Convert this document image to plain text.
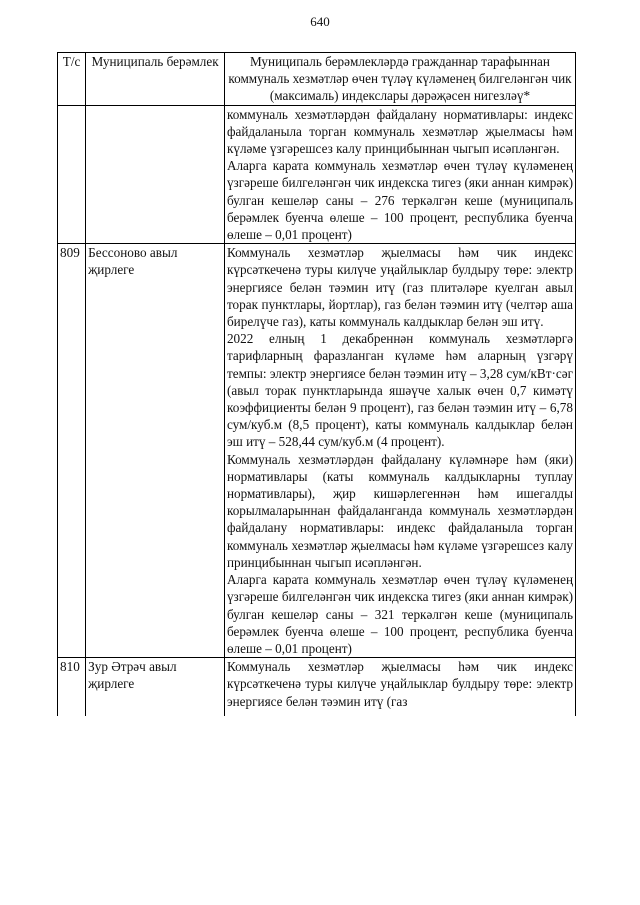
640
Т/с	Муниципаль берәмлек	Муниципаль берәмлекләрдә гражданнар тарафыннан коммуналь хезмәтләр өчен түләү күләменең билгеләнгән чик (максималь) индекслары дәрәҗәсен нигезләү*

		коммуналь хезмәтләрдән файдалану нормативлары: индекс файдаланыла торган коммуналь хезмәтләр җыелмасы һәм күләме үзгәрешсез калу принцибыннан чыгып исәпләнгән.

Аларга карата коммуналь хезмәтләр өчен түләү күләменең үзгәреше билгеләнгән чик индекска тигез (яки аннан кимрәк) булган кешеләр саны – 276 теркәлгән кеше (муниципаль берәмлек буенча өлеше – 100 процент, республика буенча өлеше – 0,01 процент)

809	Бессоново авыл җирлеге	Коммуналь хезмәтләр җыелмасы һәм чик индекс күрсәткеченә туры килүче уңайлыклар булдыру төре: электр энергиясе белән тәэмин итү (газ плитәләре куелган авыл торак пунктлары, йортлар), газ белән тәэмин итү (челтәр аша бирелүче газ), каты коммуналь калдыклар белән эш итү.

2022 елның 1 декабреннән коммуналь хезмәтләргә тарифларның фаразланган күләме һәм аларның үзгәрү темпы: электр энергиясе белән тәэмин итү – 3,28 сум/кВт·сәг (авыл торак пунктларында яшәүче халык өчен 0,7 кимәтү коэффициенты белән 9 процент), газ белән тәэмин итү – 6,78 сум/куб.м (8,5 процент), каты коммуналь калдыклар белән эш итү – 528,44 сум/куб.м (4 процент).

Коммуналь хезмәтләрдән файдалану күләмнәре һәм (яки) нормативлары (каты коммуналь калдыкларны туплау нормативлары), җир кишәрлегеннән һәм ишегалды корылмаларыннан файдаланганда коммуналь хезмәтләрдән файдалану нормативлары: индекс файдаланыла торган коммуналь хезмәтләр җыелмасы һәм күләме үзгәрешсез калу принцибыннан чыгып исәпләнгән.

Аларга карата коммуналь хезмәтләр өчен түләү күләменең үзгәреше билгеләнгән чик индекска тигез (яки аннан кимрәк) булган кешеләр саны – 321 теркәлгән кеше (муниципаль берәмлек буенча өлеше – 100 процент, республика буенча өлеше – 0,01 процент)

810	Зур Әтрәч авыл җирлеге	Коммуналь хезмәтләр җыелмасы һәм чик индекс күрсәткеченә туры килүче уңайлыклар булдыру төре: электр энергиясе белән тәэмин итү (газ
